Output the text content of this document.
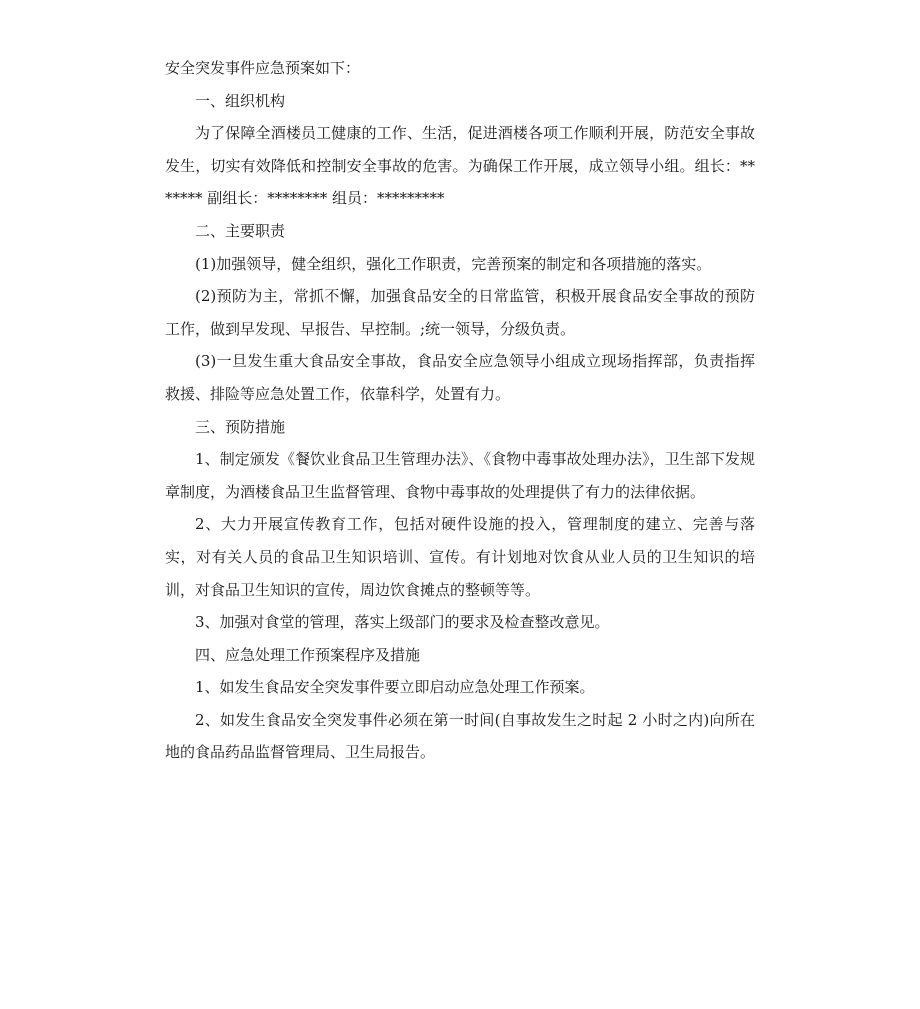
安全突发事件应急预案如下：

一、组织机构

为了保障全酒楼员工健康的工作、生活，促进酒楼各项工作顺利开展，防范安全事故发生，切实有效降低和控制安全事故的危害。为确保工作开展，成立领导小组。组长：******* 副组长：******** 组员：*********

二、主要职责

(1)加强领导，健全组织，强化工作职责，完善预案的制定和各项措施的落实。

(2)预防为主，常抓不懈，加强食品安全的日常监管，积极开展食品安全事故的预防工作，做到早发现、早报告、早控制。;统一领导，分级负责。

(3)一旦发生重大食品安全事故，食品安全应急领导小组成立现场指挥部，负责指挥救援、排险等应急处置工作，依靠科学，处置有力。

三、预防措施

1、制定颁发《餐饮业食品卫生管理办法》、《食物中毒事故处理办法》，卫生部下发规章制度，为酒楼食品卫生监督管理、食物中毒事故的处理提供了有力的法律依据。

2、大力开展宣传教育工作，包括对硬件设施的投入，管理制度的建立、完善与落实，对有关人员的食品卫生知识培训、宣传。有计划地对饮食从业人员的卫生知识的培训，对食品卫生知识的宣传，周边饮食摊点的整顿等等。

3、加强对食堂的管理，落实上级部门的要求及检查整改意见。

四、应急处理工作预案程序及措施

1、如发生食品安全突发事件要立即启动应急处理工作预案。

2、如发生食品安全突发事件必须在第一时间(自事故发生之时起 2 小时之内)向所在地的食品药品监督管理局、卫生局报告。
